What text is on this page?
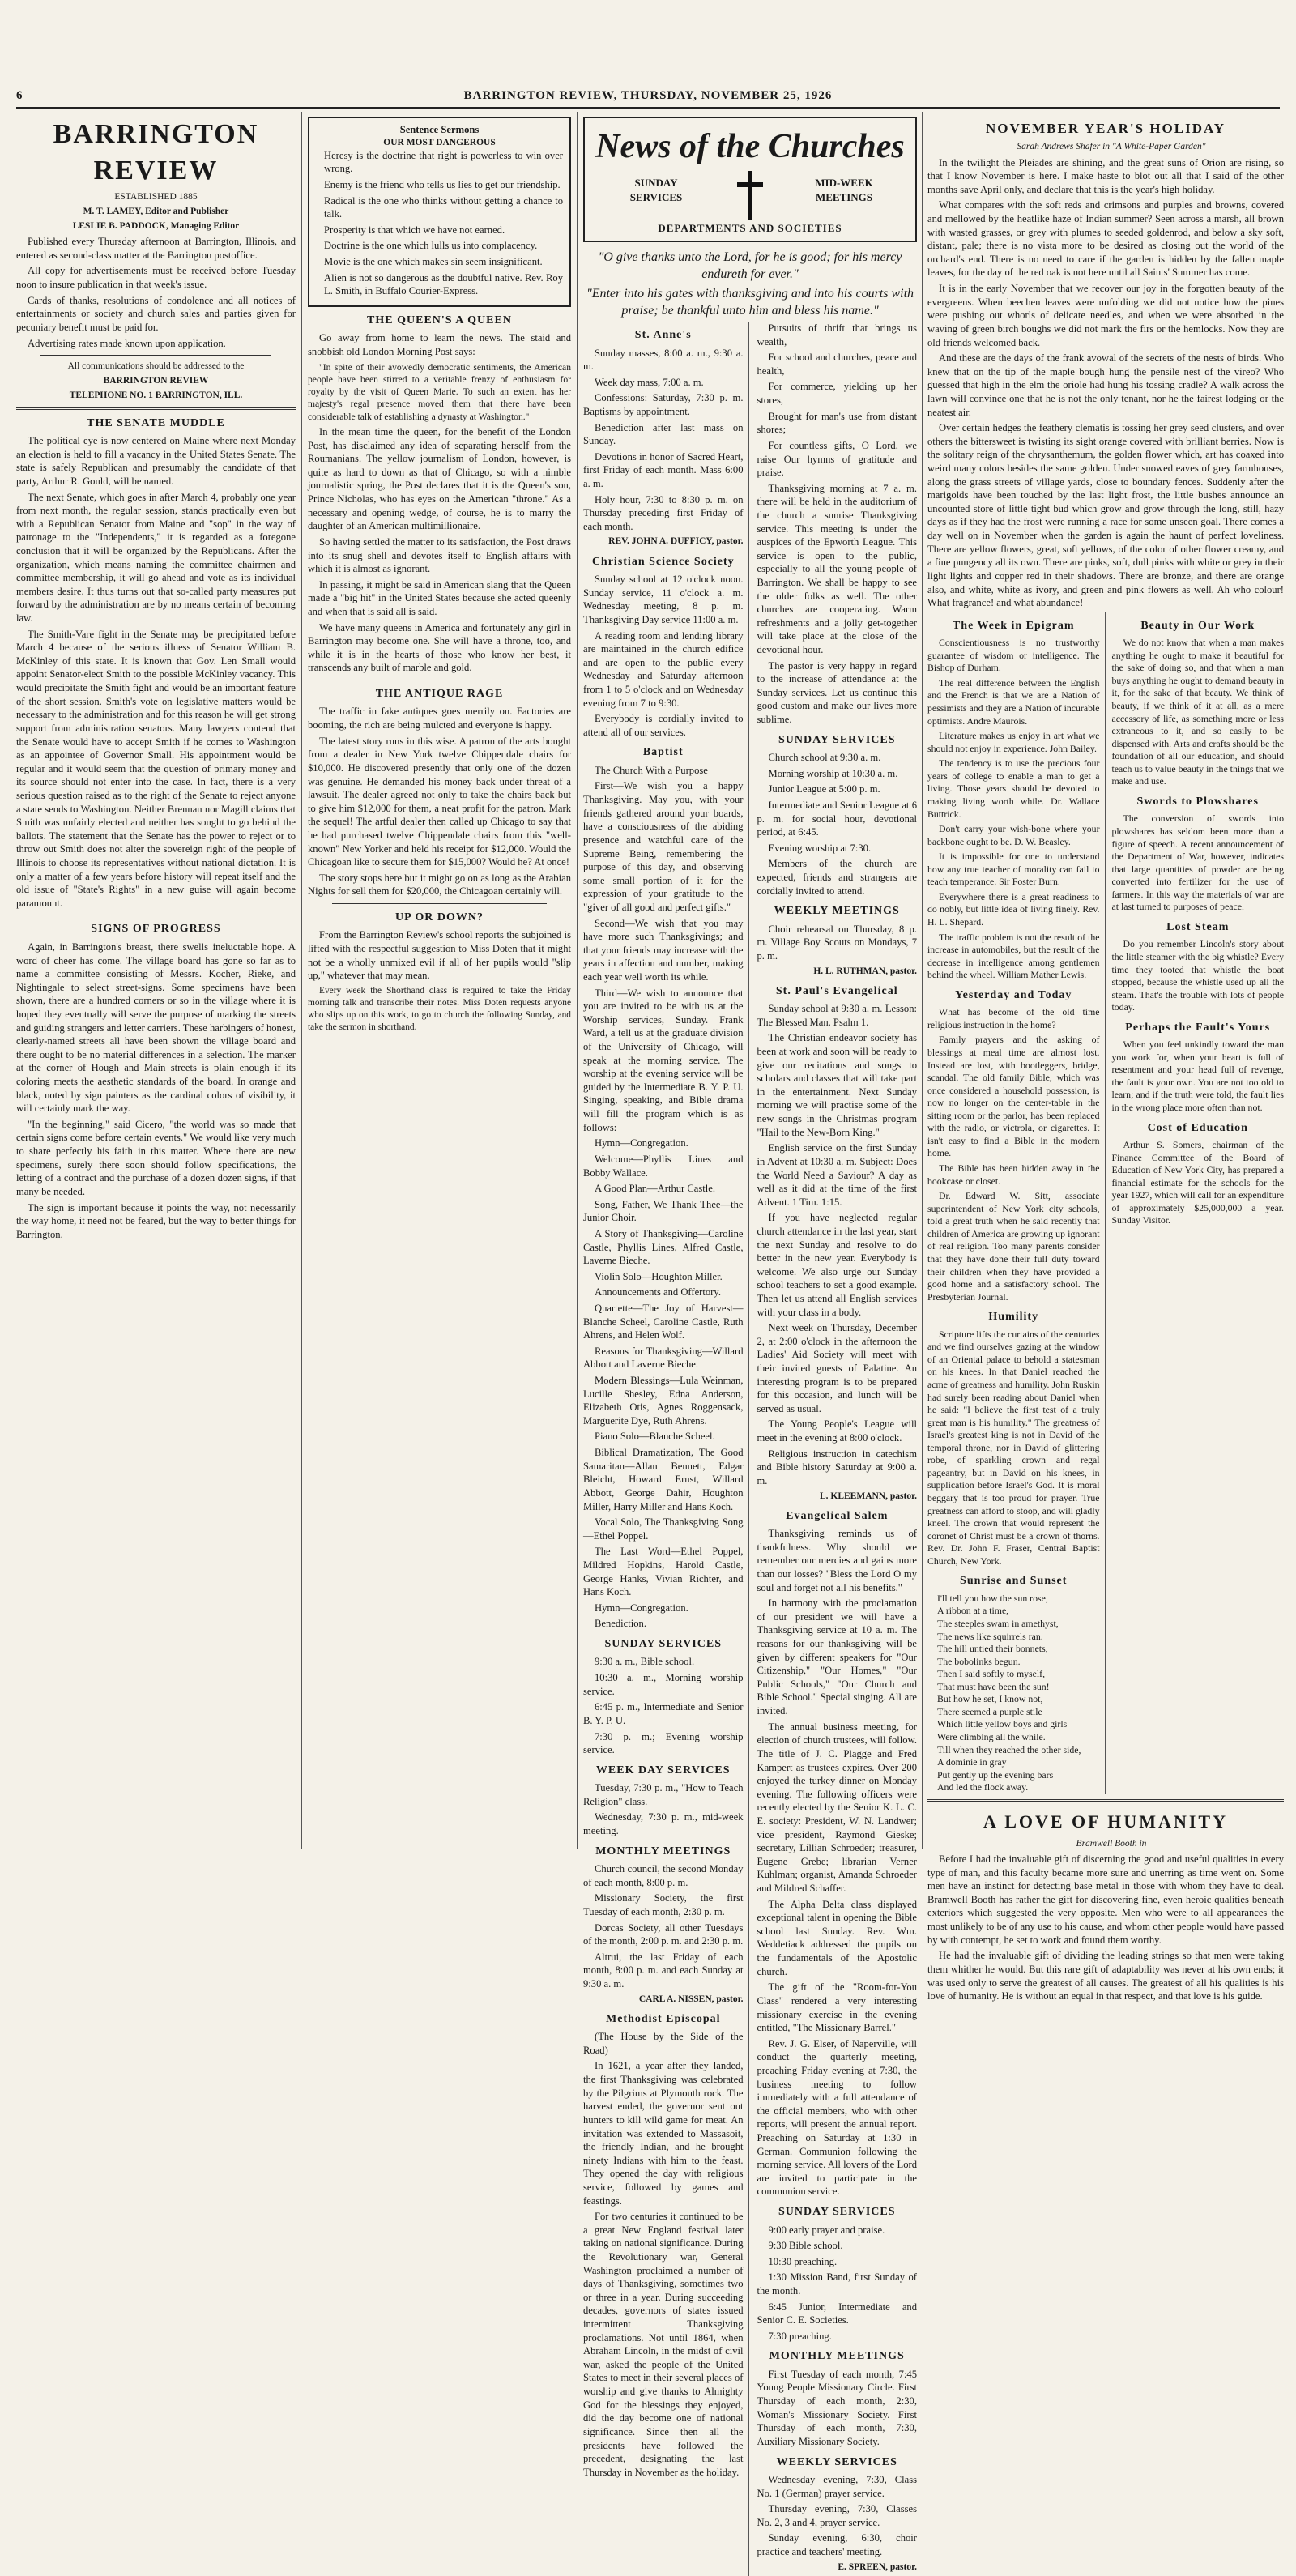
6	BARRINGTON REVIEW, THURSDAY, NOVEMBER 25, 1926
BARRINGTON REVIEW

ESTABLISHED 1885

M. T. LAMEY, Editor and Publisher

LESLIE B. PADDOCK, Managing Editor

Published every Thursday afternoon at Barrington, Illinois, and entered as second-class matter at the Barrington postoffice.

All copy for advertisements must be received before Tuesday noon to insure publication in that week's issue.

Cards of thanks, resolutions of condolence and all notices of entertainments or society and church sales and parties given for pecuniary benefit must be paid for.

Advertising rates made known upon application.

All communications should be addressed to the

BARRINGTON REVIEW

TELEPHONE NO. 1 BARRINGTON, ILL.

THE SENATE MUDDLE

The political eye is now centered on Maine where next Monday an election is held to fill a vacancy in the United States Senate. The state is safely Republican and presumably the candidate of that party, Arthur R. Gould, will be named.

The next Senate, which goes in after March 4, probably one year from next month, the regular session, stands practically even but with a Republican Senator from Maine and "sop" in the way of patronage to the "Independents," it is regarded as a foregone conclusion that it will be organized by the Republicans. After the organization, which means naming the committee chairmen and committee membership, it will go ahead and vote as its individual members desire. It thus turns out that so-called party measures put forward by the administration are by no means certain of becoming law.

The Smith-Vare fight in the Senate may be precipitated before March 4 because of the serious illness of Senator William B. McKinley of this state. It is known that Gov. Len Small would appoint Senator-elect Smith to the possible McKinley vacancy. This would precipitate the Smith fight and would be an important feature of the short session. Smith's vote on legislative matters would be necessary to the administration and for this reason he will get strong support from administration senators. Many lawyers contend that the Senate would have to accept Smith if he comes to Washington as an appointee of Governor Small. His appointment would be regular and it would seem that the question of primary money and its source should not enter into the case. In fact, there is a very serious question raised as to the right of the Senate to reject anyone a state sends to Washington. Neither Brennan nor Magill claims that Smith was unfairly elected and neither has sought to go behind the ballots. The statement that the Senate has the power to reject or to throw out Smith does not alter the sovereign right of the people of Illinois to choose its representatives without national dictation. It is only a matter of a few years before history will repeat itself and the old issue of "State's Rights" in a new guise will again become paramount.

SIGNS OF PROGRESS

Again, in Barrington's breast, there swells ineluctable hope. A word of cheer has come. The village board has gone so far as to name a committee consisting of Messrs. Kocher, Rieke, and Nightingale to select street-signs. Some specimens have been shown, there are a hundred corners or so in the village where it is hoped they eventually will serve the purpose of marking the streets and guiding strangers and letter carriers. These harbingers of honest, clearly-named streets all have been shown the village board and there ought to be no material differences in a selection. The marker at the corner of Hough and Main streets is plain enough if its coloring meets the aesthetic standards of the board. In orange and black, noted by sign painters as the cardinal colors of visibility, it will certainly mark the way.

"In the beginning," said Cicero, "the world was so made that certain signs come before certain events." We would like very much to share perfectly his faith in this matter. Where there are new specimens, surely there soon should follow specifications, the letting of a contract and the purchase of a dozen dozen signs, if that many be needed.

The sign is important because it points the way, not necessarily the way home, it need not be feared, but the way to better things for Barrington.

Sentence Sermons
OUR MOST DANGEROUS

Heresy is the doctrine that right is powerless to win over wrong.

Enemy is the friend who tells us lies to get our friendship.

Radical is the one who thinks without getting a chance to talk.

Prosperity is that which we have not earned.

Doctrine is the one which lulls us into complacency.

Movie is the one which makes sin seem insignificant.

Alien is not so dangerous as the doubtful native. Rev. Roy L. Smith, in Buffalo Courier-Express.

THE QUEEN'S A QUEEN

Go away from home to learn the news. The staid and snobbish old London Morning Post says:

"In spite of their avowedly democratic sentiments, the American people have been stirred to a veritable frenzy of enthusiasm for royalty by the visit of Queen Marie. To such an extent has her majesty's regal presence moved them that there have been considerable talk of establishing a dynasty at Washington."

In the mean time the queen, for the benefit of the London Post, has disclaimed any idea of separating herself from the Roumanians. The yellow journalism of London, however, is quite as hard to down as that of Chicago, so with a nimble journalistic spring, the Post declares that it is the Queen's son, Prince Nicholas, who has eyes on the American "throne." As a necessary and opening wedge, of course, he is to marry the daughter of an American multimillionaire.

So having settled the matter to its satisfaction, the Post draws into its snug shell and devotes itself to English affairs with which it is almost as ignorant.

In passing, it might be said in American slang that the Queen made a "big hit" in the United States because she acted queenly and when that is said all is said.

We have many queens in America and fortunately any girl in Barrington may become one. She will have a throne, too, and while it is in the hearts of those who know her best, it transcends any built of marble and gold.

THE ANTIQUE RAGE

The traffic in fake antiques goes merrily on. Factories are booming, the rich are being mulcted and everyone is happy.

The latest story runs in this wise. A patron of the arts bought from a dealer in New York twelve Chippendale chairs for $10,000. He discovered presently that only one of the dozen was genuine. He demanded his money back under threat of a lawsuit. The dealer agreed not only to take the chairs back but to give him $12,000 for them, a neat profit for the patron. Mark the sequel! The artful dealer then called up Chicago to say that he had purchased twelve Chippendale chairs from this "well-known" New Yorker and held his receipt for $12,000. Would the Chicagoan like to secure them for $15,000? Would he? At once!

The story stops here but it might go on as long as the Arabian Nights for sell them for $20,000, the Chicagoan certainly will.

UP OR DOWN?

From the Barrington Review's school reports the subjoined is lifted with the respectful suggestion to Miss Doten that it might not be a wholly unmixed evil if all of her pupils would "slip up," whatever that may mean.

Every week the Shorthand class is required to take the Friday morning talk and transcribe their notes. Miss Doten requests anyone who slips up on this work, to go to church the following Sunday, and take the sermon in shorthand.

News of the Churches
SUNDAY SERVICES
MID-WEEK MEETINGS
DEPARTMENTS AND SOCIETIES

"O give thanks unto the Lord, for he is good; for his mercy endureth for ever."

"Enter into his gates with thanksgiving and into his courts with praise; be thankful unto him and bless his name."

St. Anne's

Sunday masses, 8:00 a. m., 9:30 a. m.

Week day mass, 7:00 a. m.

Confessions: Saturday, 7:30 p. m. Baptisms by appointment.

Benediction after last mass on Sunday.

Devotions in honor of Sacred Heart, first Friday of each month. Mass 6:00 a. m.

Holy hour, 7:30 to 8:30 p. m. on Thursday preceding first Friday of each month.

REV. JOHN A. DUFFICY, pastor.

Christian Science Society

Sunday school at 12 o'clock noon. Sunday service, 11 o'clock a. m. Wednesday meeting, 8 p. m. Thanksgiving Day service 11:00 a. m.

A reading room and lending library are maintained in the church edifice and are open to the public every Wednesday and Saturday afternoon from 1 to 5 o'clock and on Wednesday evening from 7 to 9:30.

Everybody is cordially invited to attend all of our services.

Baptist

The Church With a Purpose

First—We wish you a happy Thanksgiving. May you, with your friends gathered around your boards, have a consciousness of the abiding presence and watchful care of the Supreme Being, remembering the purpose of this day, and observing some small portion of it for the expression of your gratitude to the "giver of all good and perfect gifts."

Second—We wish that you may have more such Thanksgivings; and that your friends may increase with the years in affection and number, making each year well worth its while.

Third—We wish to announce that you are invited to be with us at the Worship services, Sunday. Frank Ward, a tell us at the graduate division of the University of Chicago, will speak at the morning service. The worship at the evening service will be guided by the Intermediate B. Y. P. U. Singing, speaking, and Bible drama will fill the program which is as follows:

Hymn—Congregation.

Welcome—Phyllis Lines and Bobby Wallace.

A Good Plan—Arthur Castle.

Song, Father, We Thank Thee—the Junior Choir.

A Story of Thanksgiving—Caroline Castle, Phyllis Lines, Alfred Castle, Laverne Bieche.

Violin Solo—Houghton Miller.

Announcements and Offertory.

Quartette—The Joy of Harvest—Blanche Scheel, Caroline Castle, Ruth Ahrens, and Helen Wolf.

Reasons for Thanksgiving—Willard Abbott and Laverne Bieche.

Modern Blessings—Lula Weinman, Lucille Shesley, Edna Anderson, Elizabeth Otis, Agnes Roggensack, Marguerite Dye, Ruth Ahrens.

Piano Solo—Blanche Scheel.

Biblical Dramatization, The Good Samaritan—Allan Bennett, Edgar Bleicht, Howard Ernst, Willard Abbott, George Dahir, Houghton Miller, Harry Miller and Hans Koch.

Vocal Solo, The Thanksgiving Song—Ethel Poppel.

The Last Word—Ethel Poppel, Mildred Hopkins, Harold Castle, George Hanks, Vivian Richter, and Hans Koch.

Hymn—Congregation.

Benediction.

SUNDAY SERVICES

9:30 a. m., Bible school.

10:30 a. m., Morning worship service.

6:45 p. m., Intermediate and Senior B. Y. P. U.

7:30 p. m.; Evening worship service.

WEEK DAY SERVICES

Tuesday, 7:30 p. m., "How to Teach Religion" class.

Wednesday, 7:30 p. m., mid-week meeting.

MONTHLY MEETINGS

Church council, the second Monday of each month, 8:00 p. m.

Missionary Society, the first Tuesday of each month, 2:30 p. m.

Dorcas Society, all other Tuesdays of the month, 2:00 p. m. and 2:30 p. m.

Altrui, the last Friday of each month, 8:00 p. m. and each Sunday at 9:30 a. m.

CARL A. NISSEN, pastor.

Methodist Episcopal

(The House by the Side of the Road)

In 1621, a year after they landed, the first Thanksgiving was celebrated by the Pilgrims at Plymouth rock. The harvest ended, the governor sent out hunters to kill wild game for meat. An invitation was extended to Massasoit, the friendly Indian, and he brought ninety Indians with him to the feast. They opened the day with religious service, followed by games and feastings.

For two centuries it continued to be a great New England festival later taking on national significance. During the Revolutionary war, General Washington proclaimed a number of days of Thanksgiving, sometimes two or three in a year. During succeeding decades, governors of states issued intermittent Thanksgiving proclamations. Not until 1864, when Abraham Lincoln, in the midst of civil war, asked the people of the United States to meet in their several places of worship and give thanks to Almighty God for the blessings they enjoyed, did the day become one of national significance. Since then all the presidents have followed the precedent, designating the last Thursday in November as the holiday.

Pursuits of thrift that brings us wealth,

For school and churches, peace and health,

For commerce, yielding up her stores,

Brought for man's use from distant shores;

For countless gifts, O Lord, we raise Our hymns of gratitude and praise.

Thanksgiving morning at 7 a. m. there will be held in the auditorium of the church a sunrise Thanksgiving service. This meeting is under the auspices of the Epworth League. This service is open to the public, especially to all the young people of Barrington. We shall be happy to see the older folks as well. The other churches are cooperating. Warm refreshments and a jolly get-together will take place at the close of the devotional hour.

The pastor is very happy in regard to the increase of attendance at the Sunday services. Let us continue this good custom and make our lives more sublime.

SUNDAY SERVICES

Church school at 9:30 a. m.

Morning worship at 10:30 a. m.

Junior League at 5:00 p. m.

Intermediate and Senior League at 6 p. m. for social hour, devotional period, at 6:45.

Evening worship at 7:30.

Members of the church are expected, friends and strangers are cordially invited to attend.

WEEKLY MEETINGS

Choir rehearsal on Thursday, 8 p. m. Village Boy Scouts on Mondays, 7 p. m.

H. L. RUTHMAN, pastor.

St. Paul's Evangelical

Sunday school at 9:30 a. m. Lesson: The Blessed Man. Psalm 1.

The Christian endeavor society has been at work and soon will be ready to give our recitations and songs to scholars and classes that will take part in the entertainment. Next Sunday morning we will practise some of the new songs in the Christmas program "Hail to the New-Born King."

English service on the first Sunday in Advent at 10:30 a. m. Subject: Does the World Need a Saviour? A day as well as it did at the time of the first Advent. 1 Tim. 1:15.

If you have neglected regular church attendance in the last year, start the next Sunday and resolve to do better in the new year. Everybody is welcome. We also urge our Sunday school teachers to set a good example. Then let us attend all English services with your class in a body.

Next week on Thursday, December 2, at 2:00 o'clock in the afternoon the Ladies' Aid Society will meet with their invited guests of Palatine. An interesting program is to be prepared for this occasion, and lunch will be served as usual.

The Young People's League will meet in the evening at 8:00 o'clock.

Religious instruction in catechism and Bible history Saturday at 9:00 a. m.

L. KLEEMANN, pastor.

Evangelical Salem

Thanksgiving reminds us of thankfulness. Why should we remember our mercies and gains more than our losses? "Bless the Lord O my soul and forget not all his benefits."

In harmony with the proclamation of our president we will have a Thanksgiving service at 10 a. m. The reasons for our thanksgiving will be given by different speakers for "Our Citizenship," "Our Homes," "Our Public Schools," "Our Church and Bible School." Special singing. All are invited.

The annual business meeting, for election of church trustees, will follow. The title of J. C. Plagge and Fred Kampert as trustees expires. Over 200 enjoyed the turkey dinner on Monday evening. The following officers were recently elected by the Senior K. L. C. E. society: President, W. N. Landwer; vice president, Raymond Gieske; secretary, Lillian Schroeder; treasurer, Eugene Grebe; librarian Verner Kuhlman; organist, Amanda Schroeder and Mildred Schaffer.

The Alpha Delta class displayed exceptional talent in opening the Bible school last Sunday. Rev. Wm. Weddetiack addressed the pupils on the fundamentals of the Apostolic church.

The gift of the "Room-for-You Class" rendered a very interesting missionary exercise in the evening entitled, "The Missionary Barrel."

Rev. J. G. Elser, of Naperville, will conduct the quarterly meeting, preaching Friday evening at 7:30, the business meeting to follow immediately with a full attendance of the official members, who with other reports, will present the annual report. Preaching on Saturday at 1:30 in German. Communion following the morning service. All lovers of the Lord are invited to participate in the communion service.

SUNDAY SERVICES

9:00 early prayer and praise.

9:30 Bible school.

10:30 preaching.

1:30 Mission Band, first Sunday of the month.

6:45 Junior, Intermediate and Senior C. E. Societies.

7:30 preaching.

MONTHLY MEETINGS

First Tuesday of each month, 7:45 Young People Missionary Circle. First Thursday of each month, 2:30, Woman's Missionary Society. First Thursday of each month, 7:30, Auxiliary Missionary Society.

WEEKLY SERVICES

Wednesday evening, 7:30, Class No. 1 (German) prayer service.

Thursday evening, 7:30, Classes No. 2, 3 and 4, prayer service.

Sunday evening, 6:30, choir practice and teachers' meeting.

E. SPREEN, pastor.

NOVEMBER YEAR'S HOLIDAY

Sarah Andrews Shafer in "A White-Paper Garden"

In the twilight the Pleiades are shining, and the great suns of Orion are rising, so that I know November is here. I make haste to blot out all that I said of the other months save April only, and declare that this is the year's high holiday.

What compares with the soft reds and crimsons and purples and browns, covered and mellowed by the heatlike haze of Indian summer? Seen across a marsh, all brown with wasted grasses, or grey with plumes to seeded goldenrod, and below a sky soft, distant, pale; there is no vista more to be desired as closing out the world of the orchard's end. There is no need to care if the garden is hidden by the fallen maple leaves, for the day of the red oak is not here until all Saints' Summer has come.

It is in the early November that we recover our joy in the forgotten beauty of the evergreens. When beechen leaves were unfolding we did not notice how the pines were pushing out whorls of delicate needles, and when we were absorbed in the waving of green birch boughs we did not mark the firs or the hemlocks. Now they are old friends welcomed back.

And these are the days of the frank avowal of the secrets of the nests of birds. Who knew that on the tip of the maple bough hung the pensile nest of the vireo? Who guessed that high in the elm the oriole had hung his tossing cradle? A walk across the lawn will convince one that he is not the only tenant, nor he the fairest lodging or the neatest air.

Over certain hedges the feathery clematis is tossing her grey seed clusters, and over others the bittersweet is twisting its sight orange covered with brilliant berries. Now is the solitary reign of the chrysanthemum, the golden flower which, art has coaxed into weird many colors besides the same golden. Under snowed eaves of grey farmhouses, along the grass streets of village yards, close to boundary fences. Suddenly after the marigolds have been touched by the last light frost, the little bushes announce an uncounted store of little tight bud which grow and grow through the long, still, hazy days as if they had the frost were running a race for some unseen goal. There comes a day well on in November when the garden is again the haunt of perfect loveliness. There are yellow flowers, great, soft yellows, of the color of other flower creamy, and a fine pungency all its own. There are pinks, soft, dull pinks with white or grey in their light lights and copper red in their shadows. There are bronze, and there are orange also, and white, white as ivory, and green and pink flowers as well. Ah who colour! What fragrance! and what abundance!

The Week in Epigram

Conscientiousness is no trustworthy guarantee of wisdom or intelligence. The Bishop of Durham.

The real difference between the English and the French is that we are a Nation of pessimists and they are a Nation of incurable optimists. Andre Maurois.

Literature makes us enjoy in art what we should not enjoy in experience. John Bailey.

The tendency is to use the precious four years of college to enable a man to get a living. Those years should be devoted to making living worth while. Dr. Wallace Buttrick.

Don't carry your wish-bone where your backbone ought to be. D. W. Beasley.

It is impossible for one to understand how any true teacher of morality can fail to teach temperance. Sir Foster Burn.

Everywhere there is a great readiness to do nobly, but little idea of living finely. Rev. H. L. Shepard.

The traffic problem is not the result of the increase in automobiles, but the result of the decrease in intelligence among gentlemen behind the wheel. William Mather Lewis.

Yesterday and Today

What has become of the old time religious instruction in the home?

Family prayers and the asking of blessings at meal time are almost lost. Instead are lost, with bootleggers, bridge, scandal. The old family Bible, which was once considered a household possession, is now no longer on the center-table in the sitting room or the parlor, has been replaced with the radio, or victrola, or cigarettes. It isn't easy to find a Bible in the modern home.

The Bible has been hidden away in the bookcase or closet.

Dr. Edward W. Sitt, associate superintendent of New York city schools, told a great truth when he said recently that children of America are growing up ignorant of real religion. Too many parents consider that they have done their full duty toward their children when they have provided a good home and a satisfactory school. The Presbyterian Journal.

Humility

Scripture lifts the curtains of the centuries and we find ourselves gazing at the window of an Oriental palace to behold a statesman on his knees. In that Daniel reached the acme of greatness and humility. John Ruskin had surely been reading about Daniel when he said: "I believe the first test of a truly great man is his humility." The greatness of Israel's greatest king is not in David of the temporal throne, nor in David of glittering robe, of sparkling crown and regal pageantry, but in David on his knees, in supplication before Israel's God. It is moral beggary that is too proud for prayer. True greatness can afford to stoop, and will gladly kneel. The crown that would represent the coronet of Christ must be a crown of thorns. Rev. Dr. John F. Fraser, Central Baptist Church, New York.

Sunrise and Sunset

I'll tell you how the sun rose,

A ribbon at a time,

The steeples swam in amethyst,

The news like squirrels ran.

The hill untied their bonnets,

The bobolinks begun.

Then I said softly to myself,

That must have been the sun!

But how he set, I know not,

There seemed a purple stile

Which little yellow boys and girls

Were climbing all the while.

Till when they reached the other side,

A dominie in gray

Put gently up the evening bars

And led the flock away.

Beauty in Our Work

We do not know that when a man makes anything he ought to make it beautiful for the sake of doing so, and that when a man buys anything he ought to demand beauty in it, for the sake of that beauty. We think of beauty, if we think of it at all, as a mere accessory of life, as something more or less extraneous to it, and so easily to be dispensed with. Arts and crafts should be the foundation of all our education, and should teach us to value beauty in the things that we make and use.

Swords to Plowshares

The conversion of swords into plowshares has seldom been more than a figure of speech. A recent announcement of the Department of War, however, indicates that large quantities of powder are being converted into fertilizer for the use of farmers. In this way the materials of war are at last turned to purposes of peace.

Lost Steam

Do you remember Lincoln's story about the little steamer with the big whistle? Every time they tooted that whistle the boat stopped, because the whistle used up all the steam. That's the trouble with lots of people today.

Perhaps the Fault's Yours

When you feel unkindly toward the man you work for, when your heart is full of resentment and your head full of revenge, the fault is your own. You are not too old to learn; and if the truth were told, the fault lies in the wrong place more often than not.

Cost of Education

Arthur S. Somers, chairman of the Finance Committee of the Board of Education of New York City, has prepared a financial estimate for the schools for the year 1927, which will call for an expenditure of approximately $25,000,000 a year. Sunday Visitor.

A LOVE OF HUMANITY

Bramwell Booth in

Before I had the invaluable gift of discerning the good and useful qualities in every type of man, and this faculty became more sure and unerring as time went on. Some men have an instinct for detecting base metal in those with whom they have to deal. Bramwell Booth has rather the gift for discovering fine, even heroic qualities beneath exteriors which suggested the very opposite. Men who were to all appearances the most unlikely to be of any use to his cause, and whom other people would have passed by with contempt, he set to work and found them worthy.

He had the invaluable gift of dividing the leading strings so that men were taking them whither he would. But this rare gift of adaptability was never at his own ends; it was used only to serve the greatest of all causes. The greatest of all his qualities is his love of humanity. He is without an equal in that respect, and that love is his guide.
